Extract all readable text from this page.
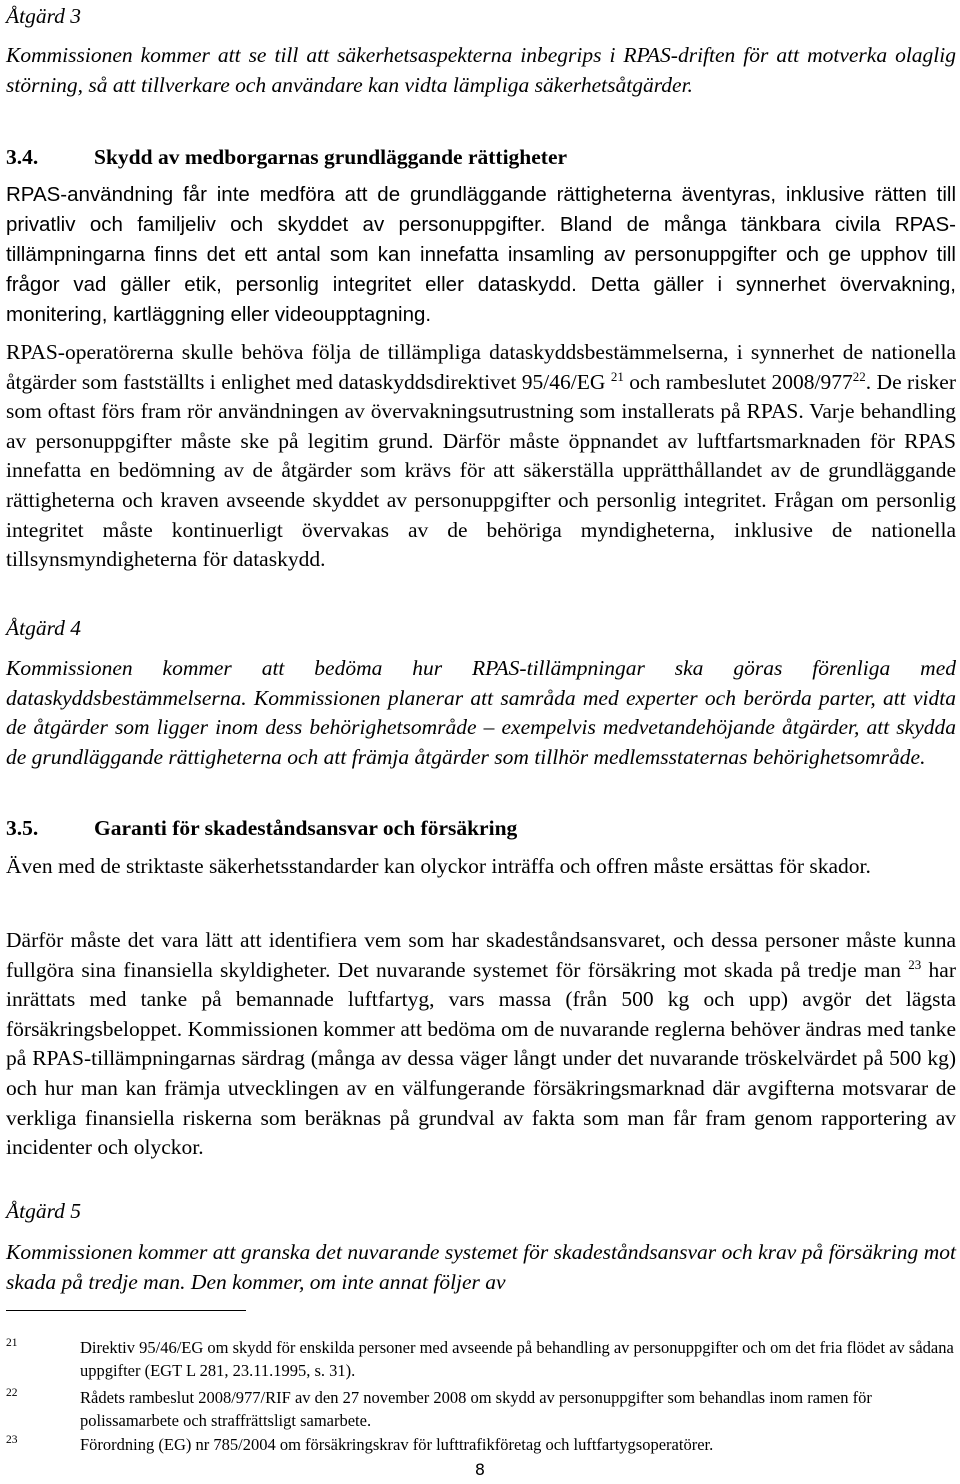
Åtgärd 3

Kommissionen kommer att se till att säkerhetsaspekterna inbegrips i RPAS-driften för att motverka olaglig störning, så att tillverkare och användare kan vidta lämpliga säkerhetsåtgärder.

3.4.	Skydd av medborgarnas grundläggande rättigheter

RPAS-användning får inte medföra att de grundläggande rättigheterna äventyras, inklusive rätten till privatliv och familjeliv och skyddet av personuppgifter. Bland de många tänkbara civila RPAS-tillämpningarna finns det ett antal som kan innefatta insamling av personuppgifter och ge upphov till frågor vad gäller etik, personlig integritet eller dataskydd. Detta gäller i synnerhet övervakning, monitering, kartläggning eller videoupptagning.

RPAS-operatörerna skulle behöva följa de tillämpliga dataskyddsbestämmelserna, i synnerhet de nationella åtgärder som fastställts i enlighet med dataskyddsdirektivet 95/46/EG $^{21}$ och rambeslutet $2008/977^{22}$. De risker som oftast förs fram rör användningen av övervakningsutrustning som installerats på RPAS. Varje behandling av personuppgifter måste ske på legitim grund. Därför måste öppnandet av luftfartsmarknaden för RPAS innefatta en bedömning av de åtgärder som krävs för att säkerställa upprätthållandet av de grundläggande rättigheterna och kraven avseende skyddet av personuppgifter och personlig integritet. Frågan om personlig integritet måste kontinuerligt övervakas av de behöriga myndigheterna, inklusive de nationella tillsynsmyndigheterna för dataskydd.

Åtgärd 4

Kommissionen kommer att bedöma hur RPAS-tillämpningar ska göras förenliga med dataskyddsbestämmelserna. Kommissionen planerar att samråda med experter och berörda parter, att vidta de åtgärder som ligger inom dess behörighetsområde – exempelvis medvetandehöjande åtgärder, att skydda de grundläggande rättigheterna och att främja åtgärder som tillhör medlemsstaternas behörighetsområde.

3.5.	Garanti för skadeståndsansvar och försäkring

Även med de striktaste säkerhetsstandarder kan olyckor inträffa och offren måste ersättas för skador.

Därför måste det vara lätt att identifiera vem som har skadeståndsansvaret, och dessa personer måste kunna fullgöra sina finansiella skyldigheter. Det nuvarande systemet för försäkring mot skada på tredje man $^{23}$ har inrättats med tanke på bemannade luftfartyg, vars massa (från 500 kg och upp) avgör det lägsta försäkringsbeloppet. Kommissionen kommer att bedöma om de nuvarande reglerna behöver ändras med tanke på RPAS-tillämpningarnas särdrag (många av dessa väger långt under det nuvarande tröskelvärdet på 500 kg) och hur man kan främja utvecklingen av en välfungerande försäkringsmarknad där avgifterna motsvarar de verkliga finansiella riskerna som beräknas på grundval av fakta som man får fram genom rapportering av incidenter och olyckor.

Åtgärd 5

Kommissionen kommer att granska det nuvarande systemet för skadeståndsansvar och krav på försäkring mot skada på tredje man. Den kommer, om inte annat följer av

21	Direktiv 95/46/EG om skydd för enskilda personer med avseende på behandling av personuppgifter och om det fria flödet av sådana uppgifter (EGT L 281, 23.11.1995, s. 31).
22	Rådets rambeslut 2008/977/RIF av den 27 november 2008 om skydd av personuppgifter som behandlas inom ramen för polissamarbete och straffrättsligt samarbete.
23	Förordning (EG) nr 785/2004 om försäkringskrav för lufttrafikföretag och luftfartygsoperatörer.
8
